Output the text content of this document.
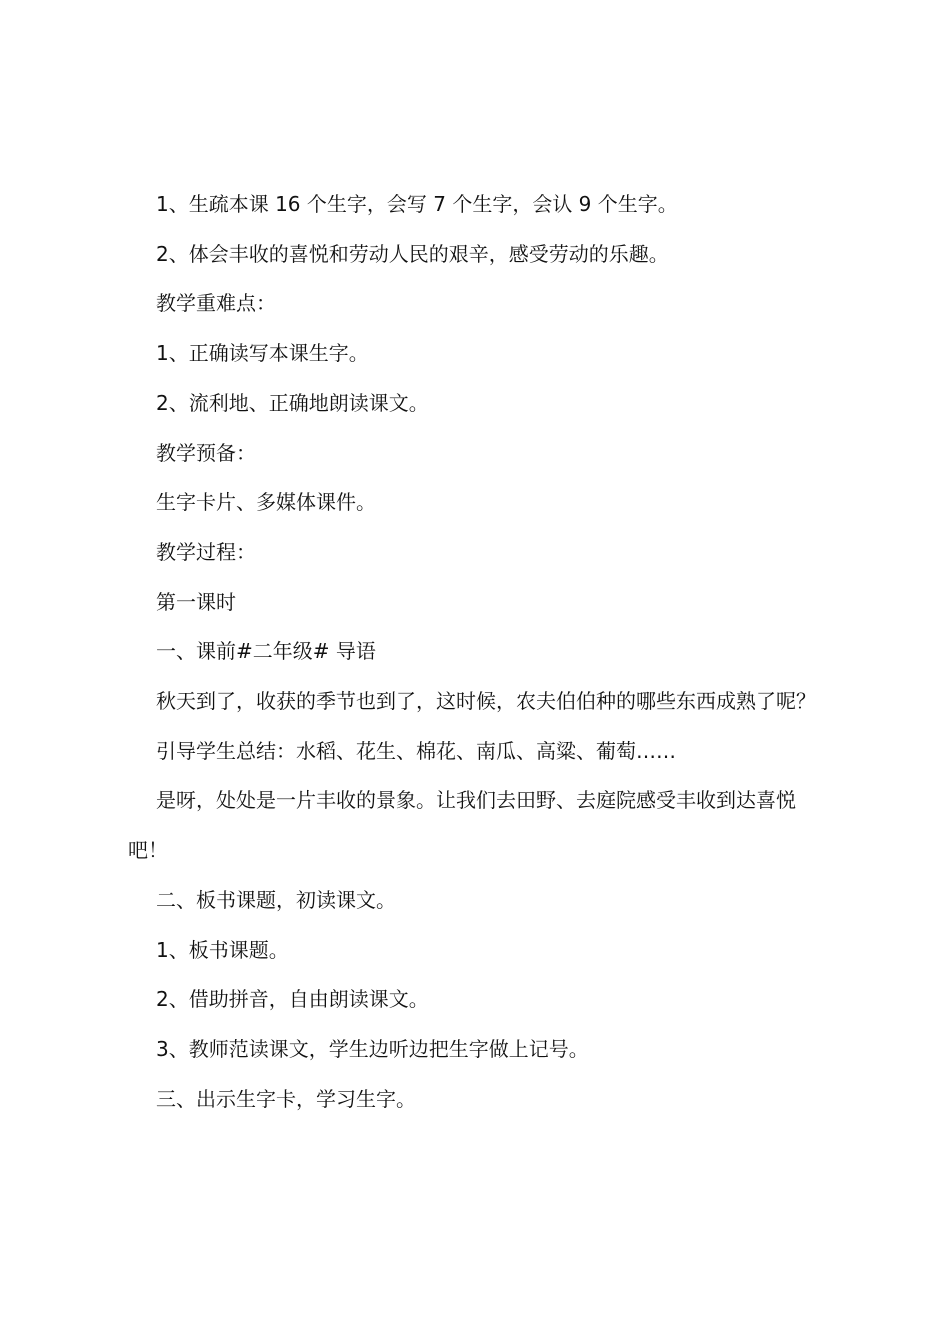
1、生疏本课 16 个生字，会写 7 个生字，会认 9 个生字。

2、体会丰收的喜悦和劳动人民的艰辛，感受劳动的乐趣。

教学重难点：

1、正确读写本课生字。

2、流利地、正确地朗读课文。

教学预备：

生字卡片、多媒体课件。

教学过程：

第一课时

一、课前#二年级# 导语

秋天到了，收获的季节也到了，这时候，农夫伯伯种的哪些东西成熟了呢？

引导学生总结：水稻、花生、棉花、南瓜、高粱、葡萄……

是呀，处处是一片丰收的景象。让我们去田野、去庭院感受丰收到达喜悦吧！

二、板书课题，初读课文。

1、板书课题。

2、借助拼音，自由朗读课文。

3、教师范读课文，学生边听边把生字做上记号。

三、出示生字卡，学习生字。
